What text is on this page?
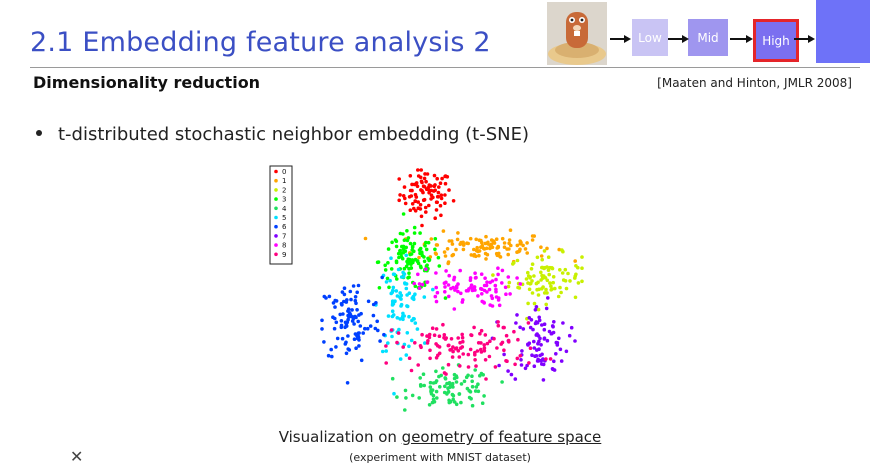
2.1 Embedding feature analysis 2	Low	Mid	High
Dimensionality reduction	[Maaten and Hinton, JMLR 2008]
t-distributed stochastic neighbor embedding (t-SNE)
0
1
2
3
4
5
6
7
8
9
Visualization on geometry of feature space
(experiment with MNIST dataset)
✕
